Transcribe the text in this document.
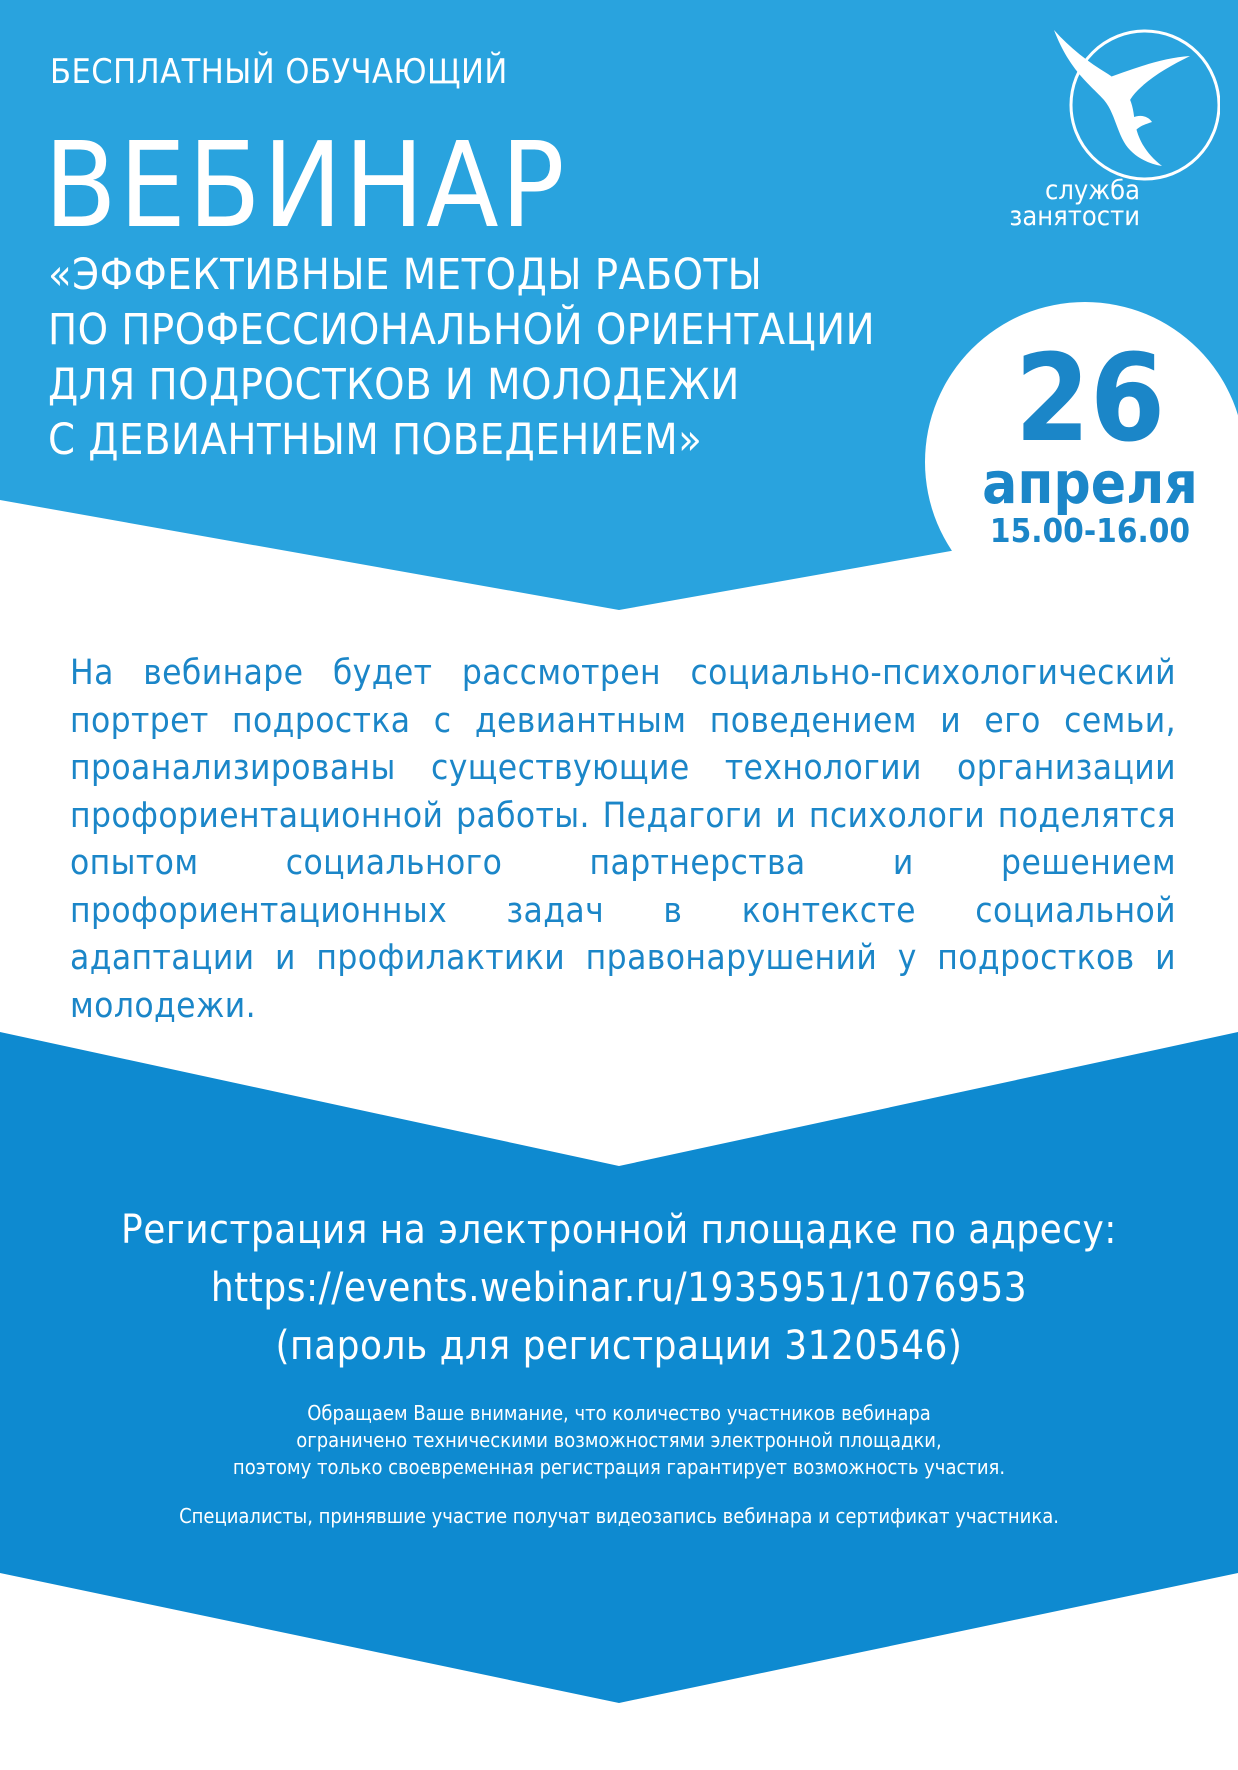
служба
занятости
БЕСПЛАТНЫЙ ОБУЧАЮЩИЙ
ВЕБИНАР
«ЭФФЕКТИВНЫЕ МЕТОДЫ РАБОТЫ
ПО ПРОФЕССИОНАЛЬНОЙ ОРИЕНТАЦИИ
ДЛЯ ПОДРОСТКОВ И МОЛОДЕЖИ
С ДЕВИАНТНЫМ ПОВЕДЕНИЕМ»	26
апреля
15.00-16.00

На вебинаре будет рассмотрен социально-психологический портрет подростка с девиантным поведением и его семьи, проанализированы существующие технологии организации профориентационной работы. Педагоги и психологи поделятся опытом социального партнерства и решением профориентационных задач в контексте социальной адаптации и профилактики правонарушений у подростков и молодежи.

Регистрация на электронной площадке по адресу:
https://events.webinar.ru/1935951/1076953
(пароль для регистрации 3120546)
Обращаем Ваше внимание, что количество участников вебинара
ограничено техническими возможностями электронной площадки,
поэтому только своевременная регистрация гарантирует возможность участия.
Специалисты, принявшие участие получат видеозапись вебинара и сертификат участника.
